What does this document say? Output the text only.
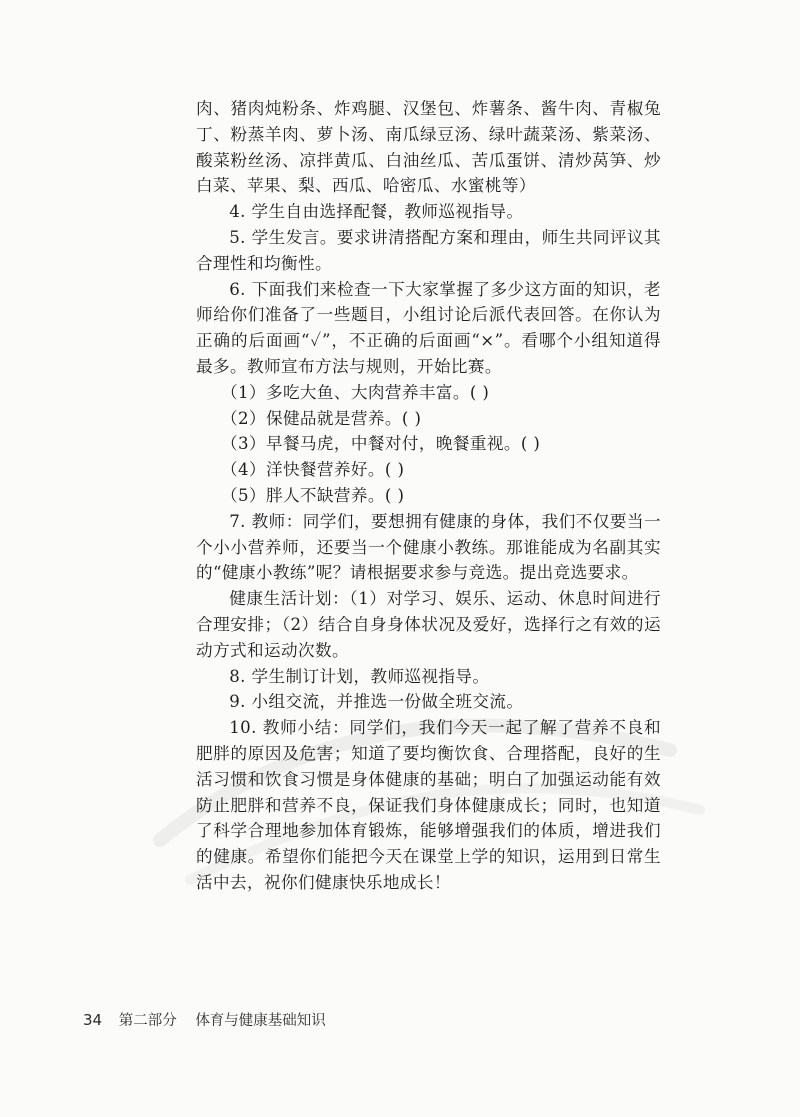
肉、猪肉炖粉条、炸鸡腿、汉堡包、炸薯条、酱牛肉、青椒兔丁、粉蒸羊肉、萝卜汤、南瓜绿豆汤、绿叶蔬菜汤、紫菜汤、酸菜粉丝汤、凉拌黄瓜、白油丝瓜、苦瓜蛋饼、清炒莴笋、炒白菜、苹果、梨、西瓜、哈密瓜、水蜜桃等）

4. 学生自由选择配餐，教师巡视指导。

5. 学生发言。要求讲清搭配方案和理由，师生共同评议其合理性和均衡性。

6. 下面我们来检查一下大家掌握了多少这方面的知识，老师给你们准备了一些题目，小组讨论后派代表回答。在你认为正确的后面画“✓”，不正确的后面画“×”。看哪个小组知道得最多。教师宣布方法与规则，开始比赛。

（1）多吃大鱼、大肉营养丰富。( )

（2）保健品就是营养。( )

（3）早餐马虎，中餐对付，晚餐重视。( )

（4）洋快餐营养好。( )

（5）胖人不缺营养。( )

7. 教师：同学们，要想拥有健康的身体，我们不仅要当一个小小营养师，还要当一个健康小教练。那谁能成为名副其实的“健康小教练”呢？请根据要求参与竞选。提出竞选要求。

健康生活计划：（1）对学习、娱乐、运动、休息时间进行合理安排；（2）结合自身身体状况及爱好，选择行之有效的运动方式和运动次数。

8. 学生制订计划，教师巡视指导。

9. 小组交流，并推选一份做全班交流。

10. 教师小结：同学们，我们今天一起了解了营养不良和肥胖的原因及危害；知道了要均衡饮食、合理搭配，良好的生活习惯和饮食习惯是身体健康的基础；明白了加强运动能有效防止肥胖和营养不良，保证我们身体健康成长；同时，也知道了科学合理地参加体育锻炼，能够增强我们的体质，增进我们的健康。希望你们能把今天在课堂上学的知识，运用到日常生活中去，祝你们健康快乐地成长！

34 第二部分 体育与健康基础知识
